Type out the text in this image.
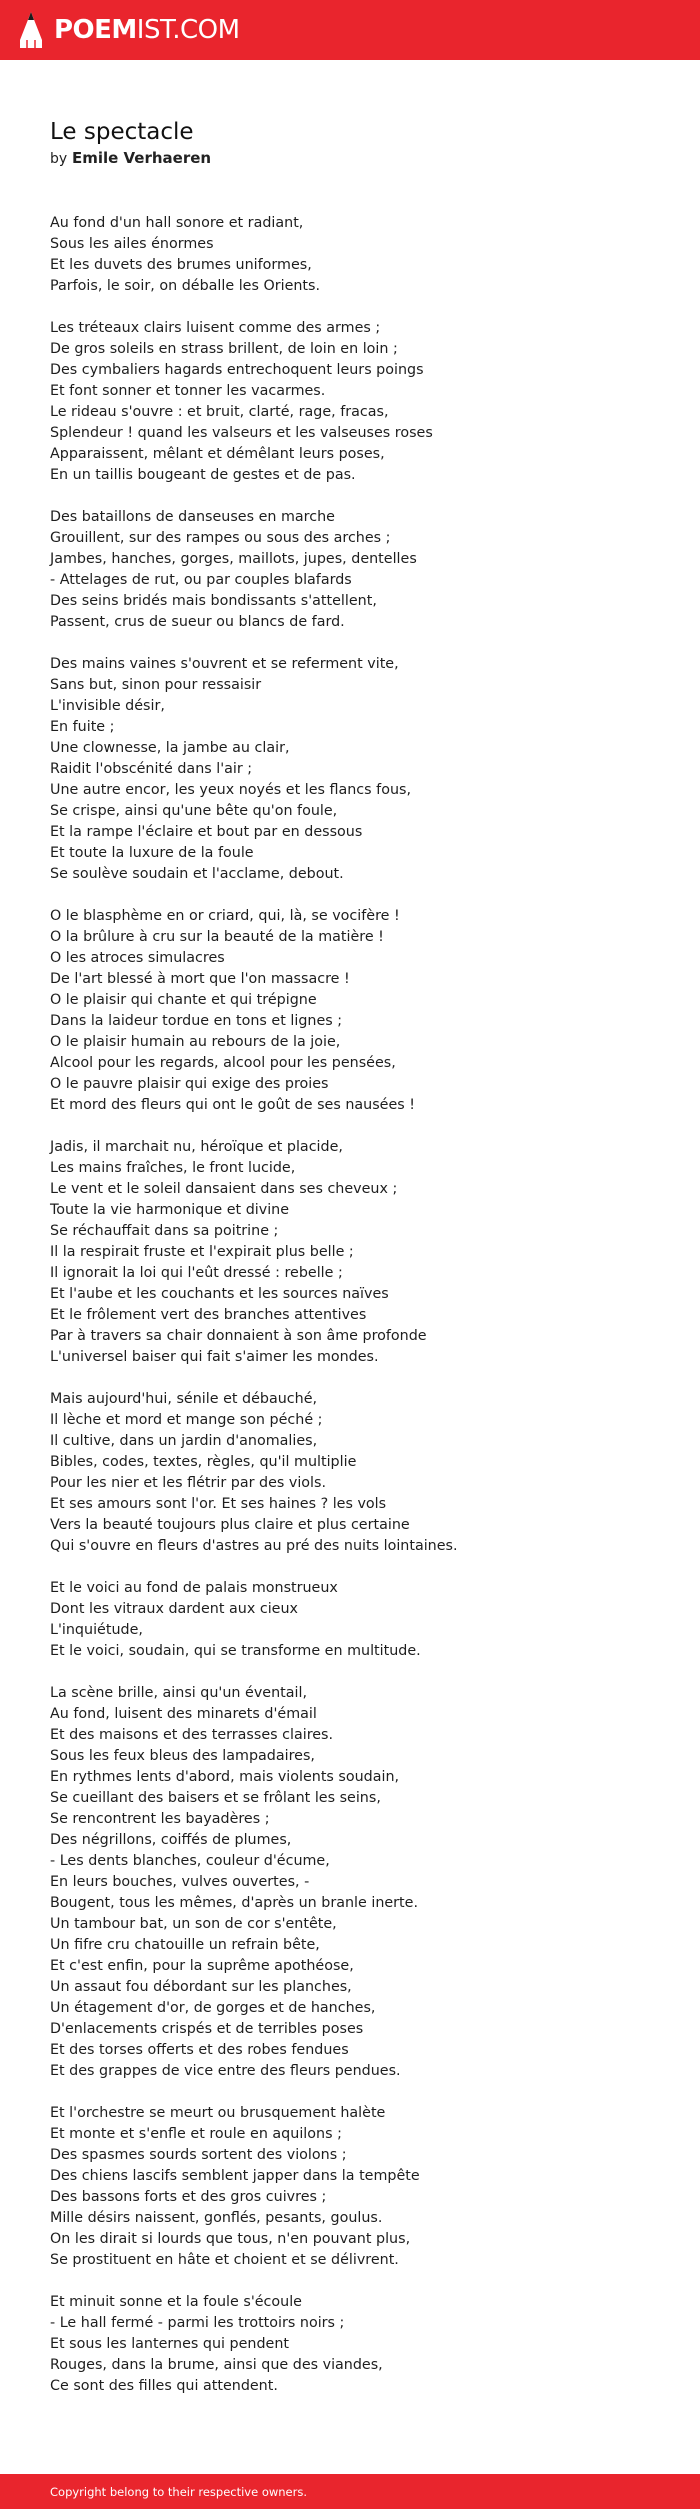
POEMIST.COM
Le spectacle
by Emile Verhaeren
Au fond d'un hall sonore et radiant,
Sous les ailes énormes
Et les duvets des brumes uniformes,
Parfois, le soir, on déballe les Orients.
Les tréteaux clairs luisent comme des armes ;
De gros soleils en strass brillent, de loin en loin ;
Des cymbaliers hagards entrechoquent leurs poings
Et font sonner et tonner les vacarmes.
Le rideau s'ouvre : et bruit, clarté, rage, fracas,
Splendeur ! quand les valseurs et les valseuses roses
Apparaissent, mêlant et démêlant leurs poses,
En un taillis bougeant de gestes et de pas.
Des bataillons de danseuses en marche
Grouillent, sur des rampes ou sous des arches ;
Jambes, hanches, gorges, maillots, jupes, dentelles
- Attelages de rut, ou par couples blafards
Des seins bridés mais bondissants s'attellent,
Passent, crus de sueur ou blancs de fard.
Des mains vaines s'ouvrent et se referment vite,
Sans but, sinon pour ressaisir
L'invisible désir,
En fuite ;
Une clownesse, la jambe au clair,
Raidit l'obscénité dans l'air ;
Une autre encor, les yeux noyés et les flancs fous,
Se crispe, ainsi qu'une bête qu'on foule,
Et la rampe l'éclaire et bout par en dessous
Et toute la luxure de la foule
Se soulève soudain et l'acclame, debout.
O le blasphème en or criard, qui, là, se vocifère !
O la brûlure à cru sur la beauté de la matière !
O les atroces simulacres
De l'art blessé à mort que l'on massacre !
O le plaisir qui chante et qui trépigne
Dans la laideur tordue en tons et lignes ;
O le plaisir humain au rebours de la joie,
Alcool pour les regards, alcool pour les pensées,
O le pauvre plaisir qui exige des proies
Et mord des fleurs qui ont le goût de ses nausées !
Jadis, il marchait nu, héroïque et placide,
Les mains fraîches, le front lucide,
Le vent et le soleil dansaient dans ses cheveux ;
Toute la vie harmonique et divine
Se réchauffait dans sa poitrine ;
Il la respirait fruste et l'expirait plus belle ;
Il ignorait la loi qui l'eût dressé : rebelle ;
Et l'aube et les couchants et les sources naïves
Et le frôlement vert des branches attentives
Par à travers sa chair donnaient à son âme profonde
L'universel baiser qui fait s'aimer les mondes.
Mais aujourd'hui, sénile et débauché,
Il lèche et mord et mange son péché ;
Il cultive, dans un jardin d'anomalies,
Bibles, codes, textes, règles, qu'il multiplie
Pour les nier et les flétrir par des viols.
Et ses amours sont l'or. Et ses haines ? les vols
Vers la beauté toujours plus claire et plus certaine
Qui s'ouvre en fleurs d'astres au pré des nuits lointaines.
Et le voici au fond de palais monstrueux
Dont les vitraux dardent aux cieux
L'inquiétude,
Et le voici, soudain, qui se transforme en multitude.
La scène brille, ainsi qu'un éventail,
Au fond, luisent des minarets d'émail
Et des maisons et des terrasses claires.
Sous les feux bleus des lampadaires,
En rythmes lents d'abord, mais violents soudain,
Se cueillant des baisers et se frôlant les seins,
Se rencontrent les bayadères ;
Des négrillons, coiffés de plumes,
- Les dents blanches, couleur d'écume,
En leurs bouches, vulves ouvertes, -
Bougent, tous les mêmes, d'après un branle inerte.
Un tambour bat, un son de cor s'entête,
Un fifre cru chatouille un refrain bête,
Et c'est enfin, pour la suprême apothéose,
Un assaut fou débordant sur les planches,
Un étagement d'or, de gorges et de hanches,
D'enlacements crispés et de terribles poses
Et des torses offerts et des robes fendues
Et des grappes de vice entre des fleurs pendues.
Et l'orchestre se meurt ou brusquement halète
Et monte et s'enfle et roule en aquilons ;
Des spasmes sourds sortent des violons ;
Des chiens lascifs semblent japper dans la tempête
Des bassons forts et des gros cuivres ;
Mille désirs naissent, gonflés, pesants, goulus.
On les dirait si lourds que tous, n'en pouvant plus,
Se prostituent en hâte et choient et se délivrent.
Et minuit sonne et la foule s'écoule
- Le hall fermé - parmi les trottoirs noirs ;
Et sous les lanternes qui pendent
Rouges, dans la brume, ainsi que des viandes,
Ce sont des filles qui attendent.
Copyright belong to their respective owners.
